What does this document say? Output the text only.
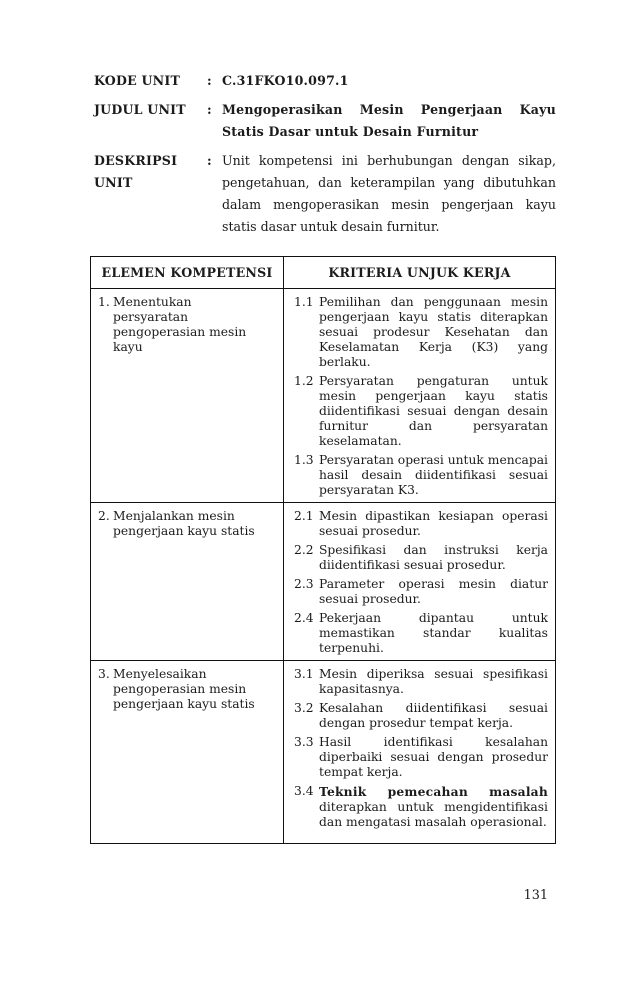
KODE UNIT	: C.31FKO10.097.1
JUDUL UNIT	: Mengoperasikan Mesin Pengerjaan Kayu Statis Dasar untuk Desain Furnitur
DESKRIPSI UNIT
: Unit kompetensi ini berhubungan dengan sikap, pengetahuan, dan keterampilan yang dibutuhkan dalam mengoperasikan mesin pengerjaan kayu statis dasar untuk desain furnitur.
ELEMEN KOMPETENSI	KRITERIA UNJUK KERJA

1. Menentukan persyaratan pengoperasian mesin kayu

1.1 Pemilihan dan penggunaan mesin pengerjaan kayu statis diterapkan sesuai prodesur Kesehatan dan Keselamatan Kerja (K3) yang berlaku.
1.2 Persyaratan pengaturan untuk mesin pengerjaan kayu statis diidentifikasi sesuai dengan desain furnitur dan persyaratan keselamatan.
1.3 Persyaratan operasi untuk mencapai hasil desain diidentifikasi sesuai persyaratan K3.

2. Menjalankan mesin pengerjaan kayu statis

2.1 Mesin dipastikan kesiapan operasi sesuai prosedur.
2.2 Spesifikasi dan instruksi kerja diidentifikasi sesuai prosedur.
2.3 Parameter operasi mesin diatur sesuai prosedur.
2.4 Pekerjaan dipantau untuk memastikan standar kualitas terpenuhi.

3. Menyelesaikan pengoperasian mesin pengerjaan kayu statis

3.1 Mesin diperiksa sesuai spesifikasi kapasitasnya.
3.2 Kesalahan diidentifikasi sesuai dengan prosedur tempat kerja.
3.3 Hasil identifikasi kesalahan diperbaiki sesuai dengan prosedur tempat kerja.
3.4 Teknik pemecahan masalah diterapkan untuk mengidentifikasi dan mengatasi masalah operasional.
131
